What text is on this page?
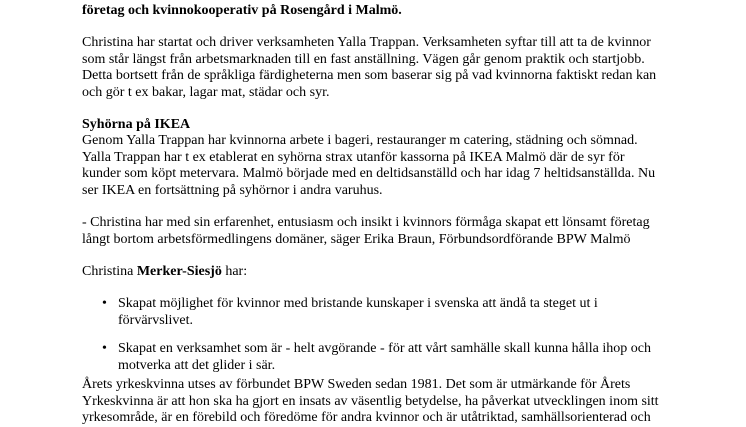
företag och kvinnokooperativ på Rosengård i Malmö.

Christina har startat och driver verksamheten Yalla Trappan. Verksamheten syftar till att ta de kvinnor
som står längst från arbetsmarknaden till en fast anställning. Vägen går genom praktik och startjobb.
Detta bortsett från de språkliga färdigheterna men som baserar sig på vad kvinnorna faktiskt redan kan
och gör t ex bakar, lagar mat, städar och syr.

Syhörna på IKEA

Genom Yalla Trappan har kvinnorna arbete i bageri, restauranger m catering, städning och sömnad.
Yalla Trappan har t ex etablerat en syhörna strax utanför kassorna på IKEA Malmö där de syr för
kunder som köpt metervara. Malmö började med en deltidsanställd och har idag 7 heltidsanställda. Nu
ser IKEA en fortsättning på syhörnor i andra varuhus.

- Christina har med sin erfarenhet, entusiasm och insikt i kvinnors förmåga skapat ett lönsamt företag
långt bortom arbetsförmedlingens domäner, säger Erika Braun, Förbundsordförande BPW Malmö

Christina Merker-Siesjö har:

• Skapat möjlighet för kvinnor med bristande kunskaper i svenska att ändå ta steget ut i
förvärvslivet.
• Skapat en verksamhet som är - helt avgörande - för att vårt samhälle skall kunna hålla ihop och
motverka att det glider i sär.

Årets yrkeskvinna utses av förbundet BPW Sweden sedan 1981. Det som är utmärkande för Årets
Yrkeskvinna är att hon ska ha gjort en insats av väsentlig betydelse, ha påverkat utvecklingen inom sitt
yrkesområde, är en förebild och föredöme för andra kvinnor och är utåtriktad, samhällsorienterad och
